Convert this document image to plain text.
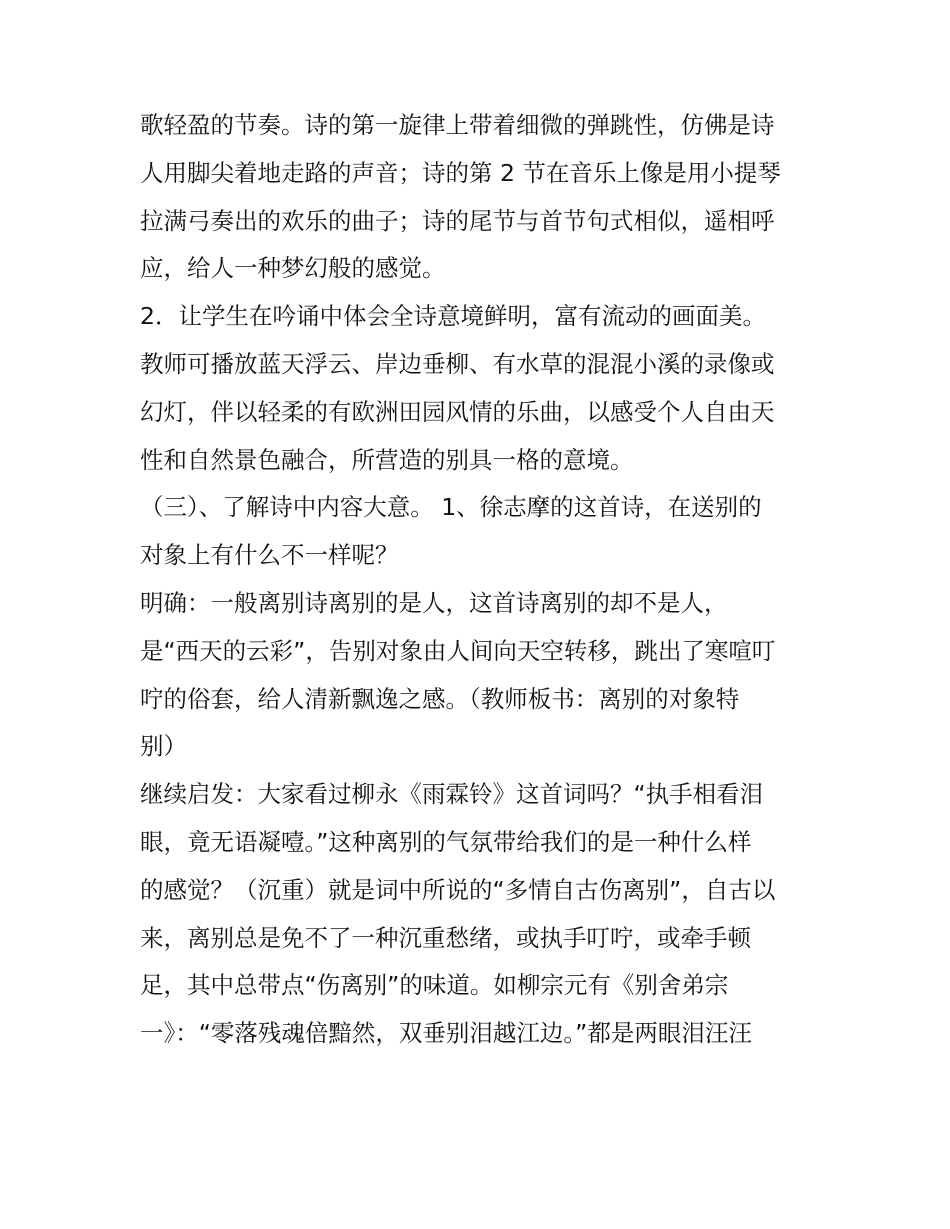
歌轻盈的节奏。诗的第一旋律上带着细微的弹跳性，仿佛是诗
人用脚尖着地走路的声音；诗的第 2 节在音乐上像是用小提琴
拉满弓奏出的欢乐的曲子；诗的尾节与首节句式相似，遥相呼
应，给人一种梦幻般的感觉。
2．让学生在吟诵中体会全诗意境鲜明，富有流动的画面美。
教师可播放蓝天浮云、岸边垂柳、有水草的混混小溪的录像或
幻灯，伴以轻柔的有欧洲田园风情的乐曲，以感受个人自由天
性和自然景色融合，所营造的别具一格的意境。
（三）、了解诗中内容大意。 1、徐志摩的这首诗，在送别的
对象上有什么不一样呢？
明确：一般离别诗离别的是人，这首诗离别的却不是人，
是“西天的云彩”，告别对象由人间向天空转移，跳出了寒喧叮
咛的俗套，给人清新飘逸之感。（教师板书：离别的对象特
别）
继续启发：大家看过柳永《雨霖铃》这首词吗？“执手相看泪
眼，竟无语凝噎。”这种离别的气氛带给我们的是一种什么样
的感觉？（沉重）就是词中所说的“多情自古伤离别”，自古以
来，离别总是免不了一种沉重愁绪，或执手叮咛，或牵手顿
足，其中总带点“伤离别”的味道。如柳宗元有《别舍弟宗
一》：“零落残魂倍黯然，双垂别泪越江边。”都是两眼泪汪汪
